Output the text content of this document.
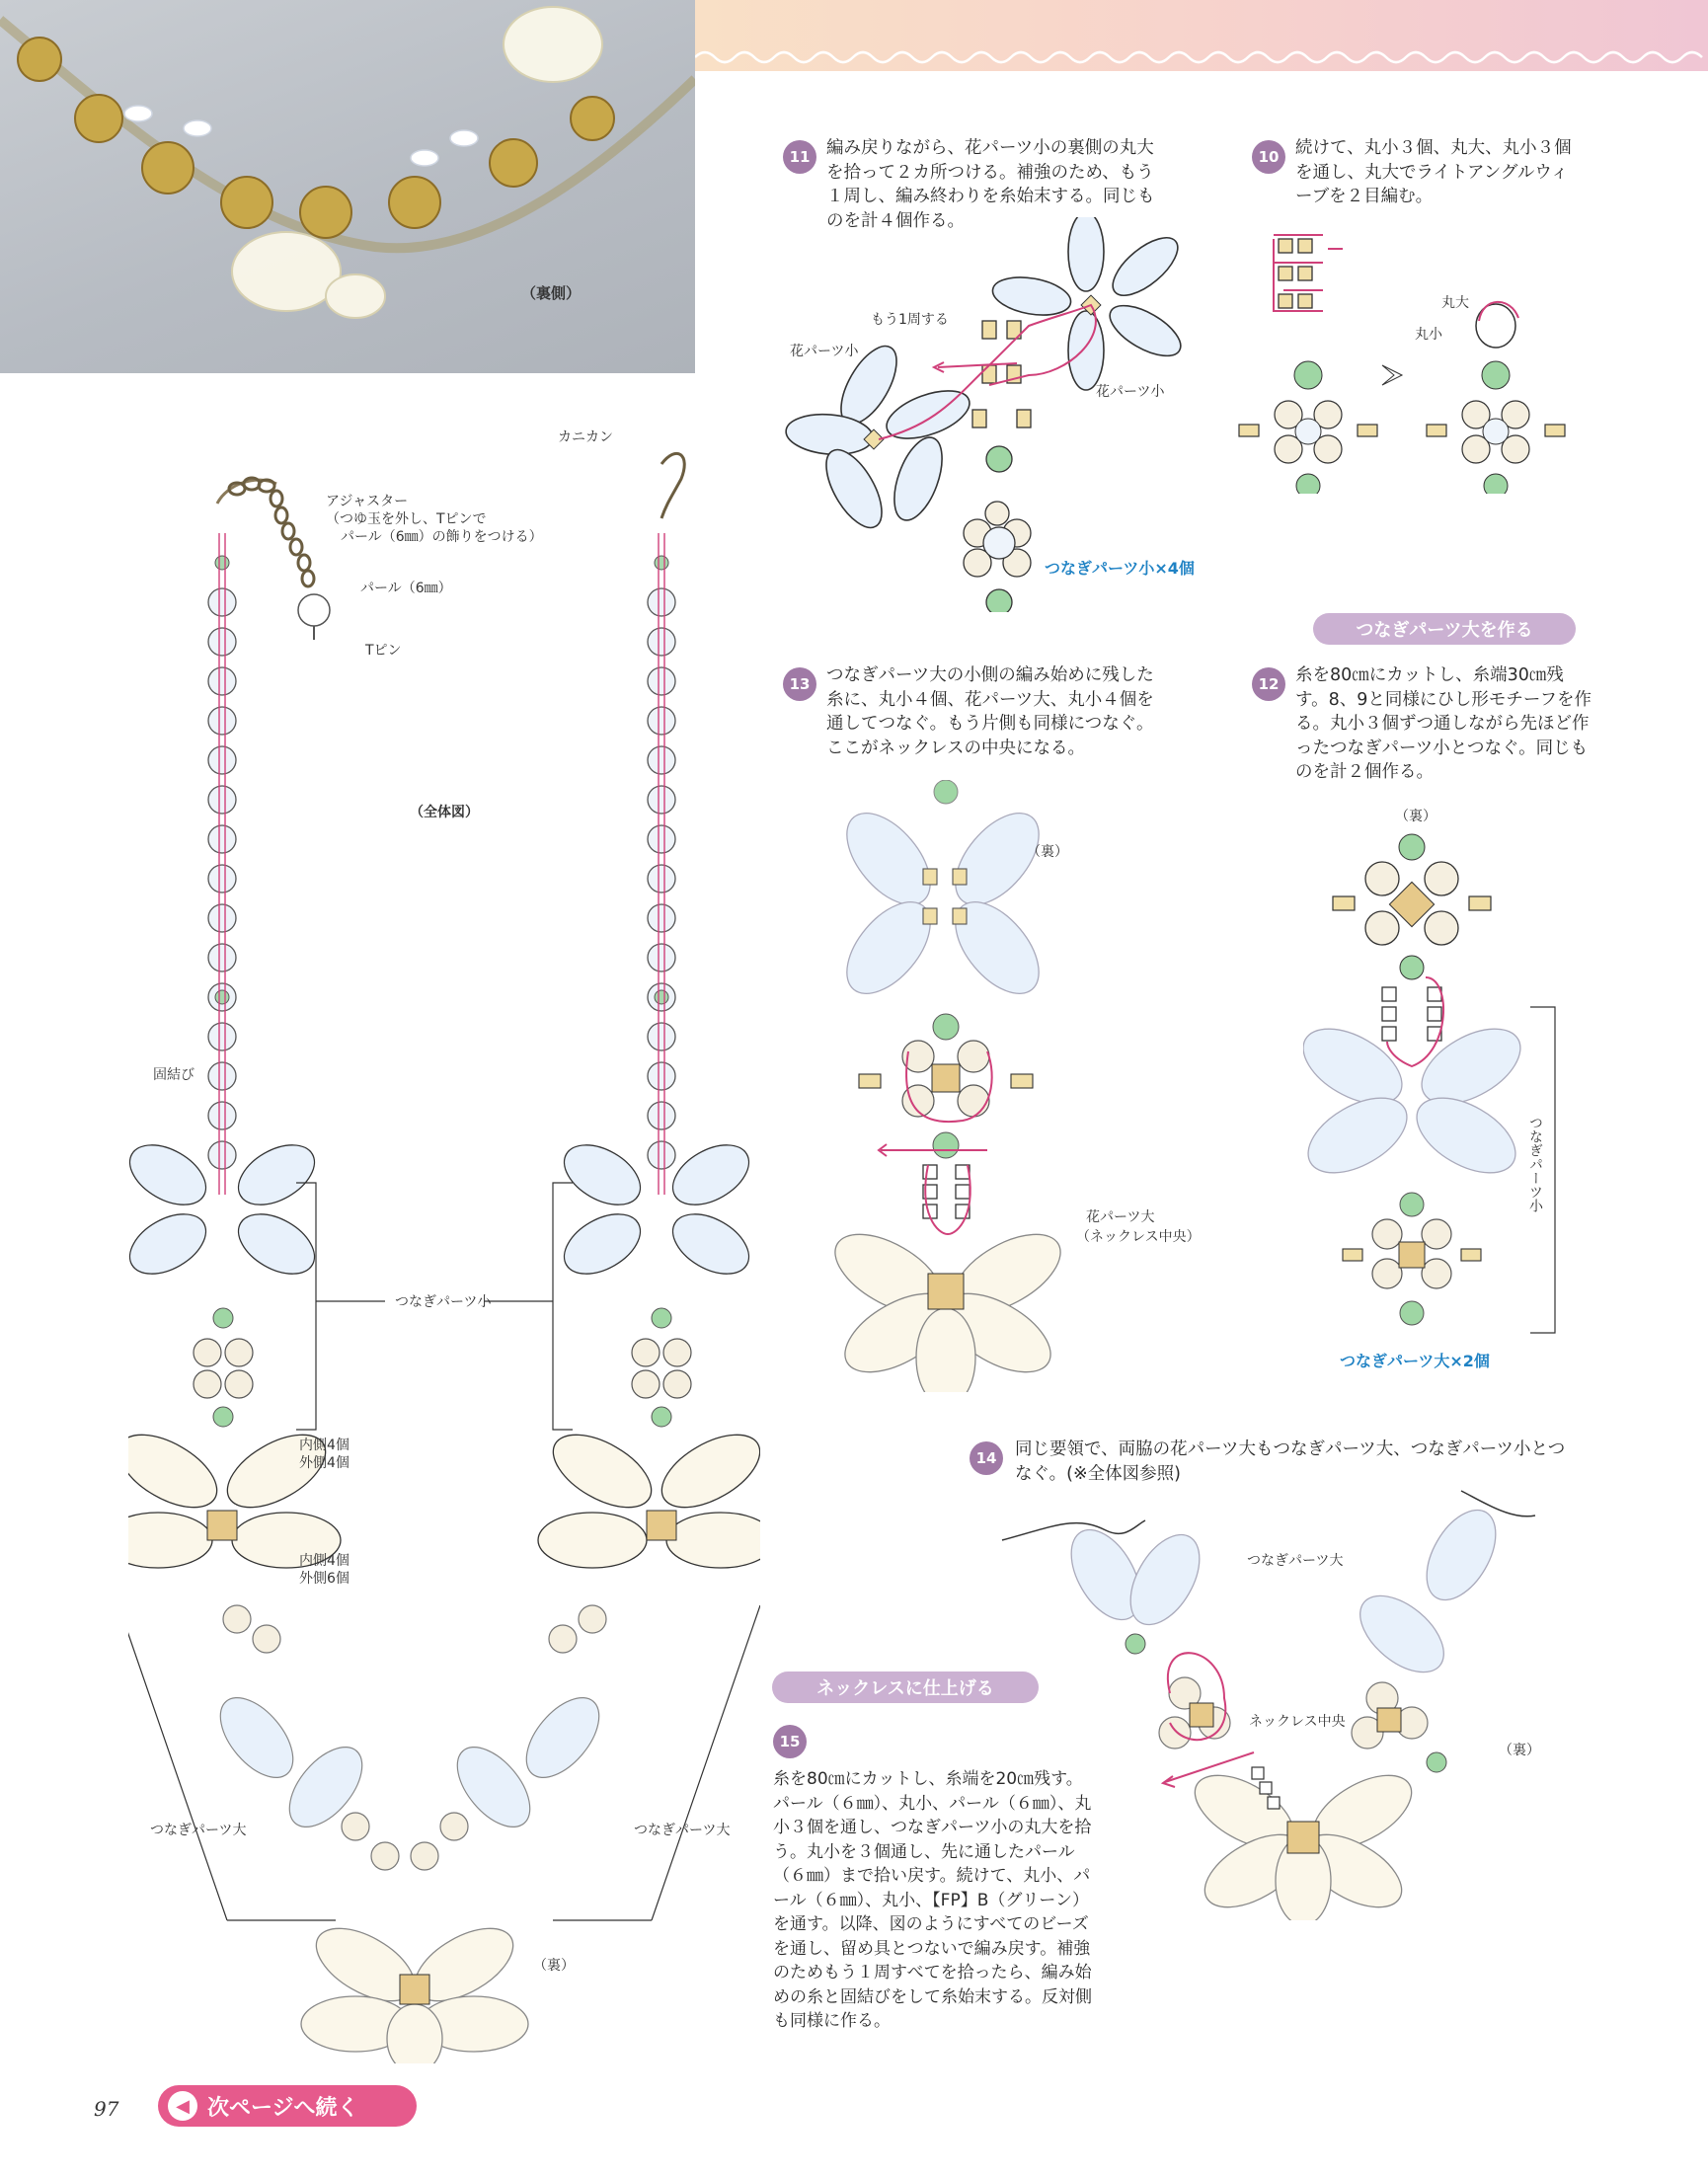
（裏側）
11 編み戻りながら、花パーツ小の裏側の丸大を拾って２カ所つける。補強のため、もう１周し、編み終わりを糸始末する。同じものを計４個作る。
もう1周する
花パーツ小
花パーツ小
つなぎパーツ小×4個
10 続けて、丸小３個、丸大、丸小３個を通し、丸大でライトアングルウィーブを２目編む。
丸大
丸小
つなぎパーツ大を作る
13 つなぎパーツ大の小側の編み始めに残した糸に、丸小４個、花パーツ大、丸小４個を通してつなぐ。もう片側も同様につなぐ。ここがネックレスの中央になる。
（裏）
花パーツ大
（ネックレス中央）
12 糸を80㎝にカットし、糸端30㎝残す。8、9と同様にひし形モチーフを作る。丸小３個ずつ通しながら先ほど作ったつなぎパーツ小とつなぐ。同じものを計２個作る。
（裏）
つなぎパーツ小
つなぎパーツ大×2個
14	同じ要領で、両脇の花パーツ大もつなぎパーツ大、つなぎパーツ小とつなぐ。(※全体図参照)
つなぎパーツ大
ネックレス中央
（裏）
ネックレスに仕上げる
15
糸を80㎝にカットし、糸端を20㎝残す。パール（６㎜）、丸小、パール（６㎜）、丸小３個を通し、つなぎパーツ小の丸大を拾う。丸小を３個通し、先に通したパール（６㎜）まで拾い戻す。続けて、丸小、パール（６㎜）、丸小、【FP】B（グリーン）を通す。以降、図のようにすべてのビーズを通し、留め具とつないで編み戻す。補強のためもう１周すべてを拾ったら、編み始めの糸と固結びをして糸始末する。反対側も同様に作る。
カニカン
アジャスター
（つゆ玉を外し、Tピンで
パール（6㎜）の飾りをつける）
パール（6㎜）
Tピン
（全体図）
固結び
つなぎパーツ小
内側4個
外側4個
内側4個
外側6個
つなぎパーツ大	つなぎパーツ大
（裏）
97	◀ 次ページへ続く
